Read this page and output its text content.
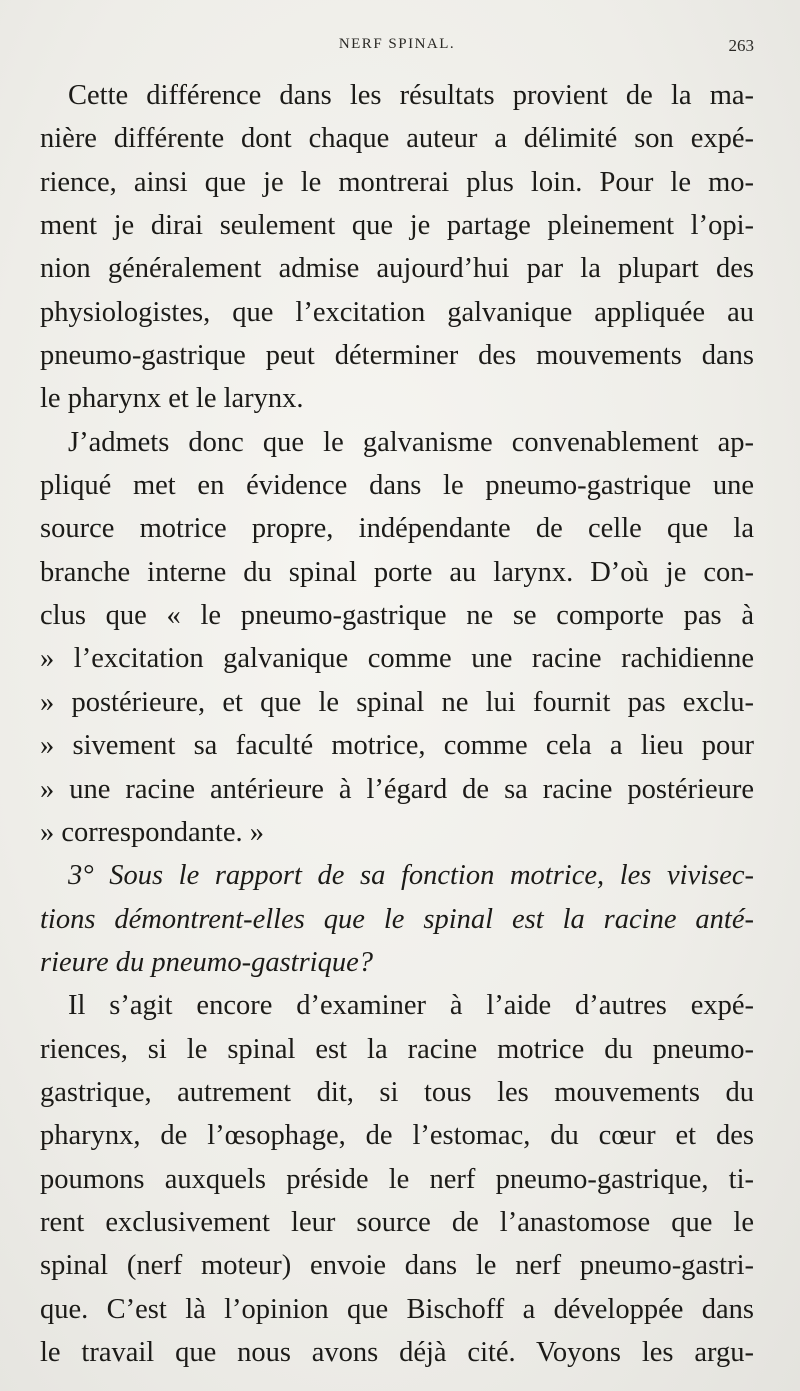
NERF SPINAL.	263
Cette différence dans les résultats provient de la ma-
nière différente dont chaque auteur a délimité son expé-
rience, ainsi que je le montrerai plus loin. Pour le mo-
ment je dirai seulement que je partage pleinement l’opi-
nion généralement admise aujourd’hui par la plupart des
physiologistes, que l’excitation galvanique appliquée au
pneumo-gastrique peut déterminer des mouvements dans
le pharynx et le larynx.
J’admets donc que le galvanisme convenablement ap-
pliqué met en évidence dans le pneumo-gastrique une
source motrice propre, indépendante de celle que la
branche interne du spinal porte au larynx. D’où je con-
clus que « le pneumo-gastrique ne se comporte pas à
» l’excitation galvanique comme une racine rachidienne
» postérieure, et que le spinal ne lui fournit pas exclu-
» sivement sa faculté motrice, comme cela a lieu pour
» une racine antérieure à l’égard de sa racine postérieure
» correspondante. »
3° Sous le rapport de sa fonction motrice, les vivisec-
tions démontrent-elles que le spinal est la racine anté-
rieure du pneumo-gastrique?
Il s’agit encore d’examiner à l’aide d’autres expé-
riences, si le spinal est la racine motrice du pneumo-
gastrique, autrement dit, si tous les mouvements du
pharynx, de l’œsophage, de l’estomac, du cœur et des
poumons auxquels préside le nerf pneumo-gastrique, ti-
rent exclusivement leur source de l’anastomose que le
spinal (nerf moteur) envoie dans le nerf pneumo-gastri-
que. C’est là l’opinion que Bischoff a développée dans
le travail que nous avons déjà cité. Voyons les argu-
